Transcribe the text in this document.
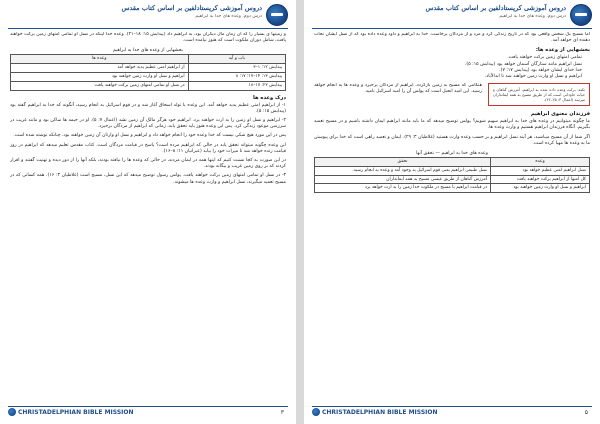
دروس آموزشی کریستادلفین بر اساس کتاب مقدس
درس دوم: وعده های خدا به ابراهیم

و زمینها ی بسیار را که آن زمان مال دیگران بود، به ابراهیم داد (پیدایش ۱۵: ۱۸–۲۱). وعده خدا اینکه در نسل او تمامی امتهای زمین برکت خواهند یافت، شامل دوران ملکوت است که هنوز نیامده است.

بخشهایی از وعده های خدا به ابراهیم
باب و آیه	وعده ها
پیدایش ۱۲: ۱–۳	از ابراهیم امتی عظیم پدید خواهد آمد
پیدایش ۱۳: ۱۴–۱۷؛ ۱۷: ۸	ابراهیم و نسل او وارث زمین خواهند بود
پیدایش ۲۲: ۱۷–۱۸	در نسل او تمامی امتهای زمین برکت خواهند یافت
درک وعده ها

۱- از ابراهیم امتی عظیم پدید خواهد آمد. این وعده با تولد اسحاق آغاز شد و در قوم اسرائیل به انجام رسید، آنگونه که خدا به ابراهیم گفته بود (پیدایش ۱۵: ۵).

۲- ابراهیم و نسل او زمین را به ارث خواهند برد. ابراهیم خود هرگز مالک آن زمین نشد (اعمال ۷: ۵). او در خیمه ها ساکن بود و مانند غریب در سرزمین موعود زندگی کرد. پس این وعده هنوز باید تحقق یابد، زمانی که ابراهیم از مردگان برخیزد.

پس در این مورد هیچ شکی نیست که خدا وعده خود را انجام خواهد داد و ابراهیم و نسل او وارثان آن زمین خواهند بود، چنانکه نوشته شده است.

این وعده چگونه میتواند تحقق یابد در حالی که ابراهیم مرده است؟ پاسخ در قیامت مردگان است. کتاب مقدس تعلیم میدهد که ابراهیم در روز قیامت زنده خواهد شد تا میراث خود را بیابد (عبرانیان ۱۱: ۸–۱۶).

در این صورت به کجا نسبت کنیم که اینها همه در ایمان مردند، در حالی که وعده ها را نیافته بودند، بلکه آنها را از دور دیده و تهنیت گفتند و اقرار کردند که بر روی زمین غریب و بیگانه بودند.

۳- در نسل او تمامی امتهای زمین برکت خواهند یافت. پولس رسول توضیح میدهد که این نسل، مسیح است (غلاطیان ۳: ۱۶). همه کسانی که در مسیح تعمید میگیرند، نسل ابراهیم و وارث وعده ها میشوند.

CHRISTADELPHIAN BIBLE MISSION	۳
دروس آموزشی کریستادلفین بر اساس کتاب مقدس
درس دوم: وعده های خدا به ابراهیم

اما مسیح یک شخص واقعی بود که در تاریخ زندگی کرد و مرد و از مردگان برخاست. خدا به ابراهیم و داود وعده داده بود که از نسل ایشان نجات دهنده ای خواهد آمد.

بخشهایی از وعده ها:
• تمامی امتهای زمین برکت خواهند یافت.
• نسل ابراهیم مانند ستارگان آسمان خواهد بود (پیدایش ۱۵: ۵).
• خدا خدای ایشان خواهد بود (پیدایش ۱۷: ۷).
• ابراهیم و نسل او وارث زمین خواهند شد تا ابدالآباد.

نکته: برکت وعده داده شده به ابراهیم، آمرزش گناهان و حیات جاودانی است که از طریق مسیح به همه ایمانداران میرسد (اعمال ۳: ۲۵–۲۶).

هنگامی که مسیح به زمین بازگردد، ابراهیم از مردگان برخیزد و وعده ها به انجام خواهد رسید. این امید انجیل است که پولس آن را امید اسرائیل نامید.

فرزندان معنوی ابراهیم

ما چگونه میتوانیم در وعده های خدا به ابراهیم سهیم شویم؟ پولس توضیح میدهد که ما باید مانند ابراهیم ایمان داشته باشیم و در مسیح تعمید بگیریم. آنگاه فرزندان ابراهیم هستیم و وارث وعده ها.

اگر شما از آن مسیح میباشید، هر آینه نسل ابراهیم و بر حسب وعده وارث هستید (غلاطیان ۳: ۲۹). ایمان و تعمید راهی است که خدا برای پیوستن ما به وعده ها مهیا کرده است.

وعده های خدا به ابراهیم — تحقق آنها
وعده	تحقق
نسل ابراهیم امتی عظیم خواهد بود	نسل طبیعی ابراهیم یعنی قوم اسرائیل به وجود آمد و وعده به انجام رسید.
کل امتها از ابراهیم برکت خواهند یافت	آمرزش گناهان از طریق عیسی مسیح به همه ایمانداران
ابراهیم و نسل او وارث زمین خواهند بود	در قیامت ابراهیم با مسیح در ملکوت خدا زمین را به ارث خواهد برد
CHRISTADELPHIAN BIBLE MISSION	۵
